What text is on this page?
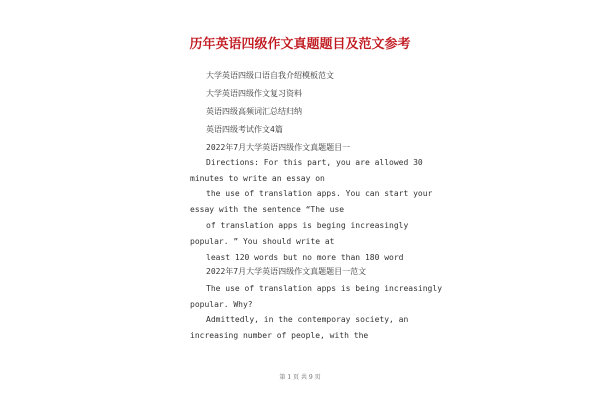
历年英语四级作文真题题目及范文参考

大学英语四级口语自我介绍模板范文

大学英语四级作文复习资料

英语四级高频词汇总结归纳

英语四级考试作文4篇

2022年7月大学英语四级作文真题题目一

Directions: For this part, you are allowed 30

minutes to write an essay on

the use of translation apps. You can start your

essay with the sentence “The use

of translation apps is beging increasingly

popular. ” You should write at

least 120 words but no more than 180 word

2022年7月大学英语四级作文真题题目一范文

The use of translation apps is being increasingly

popular. Why?

Admittedly, in the contemporay society, an

increasing number of people, with the

第 1 页 共 9 页
